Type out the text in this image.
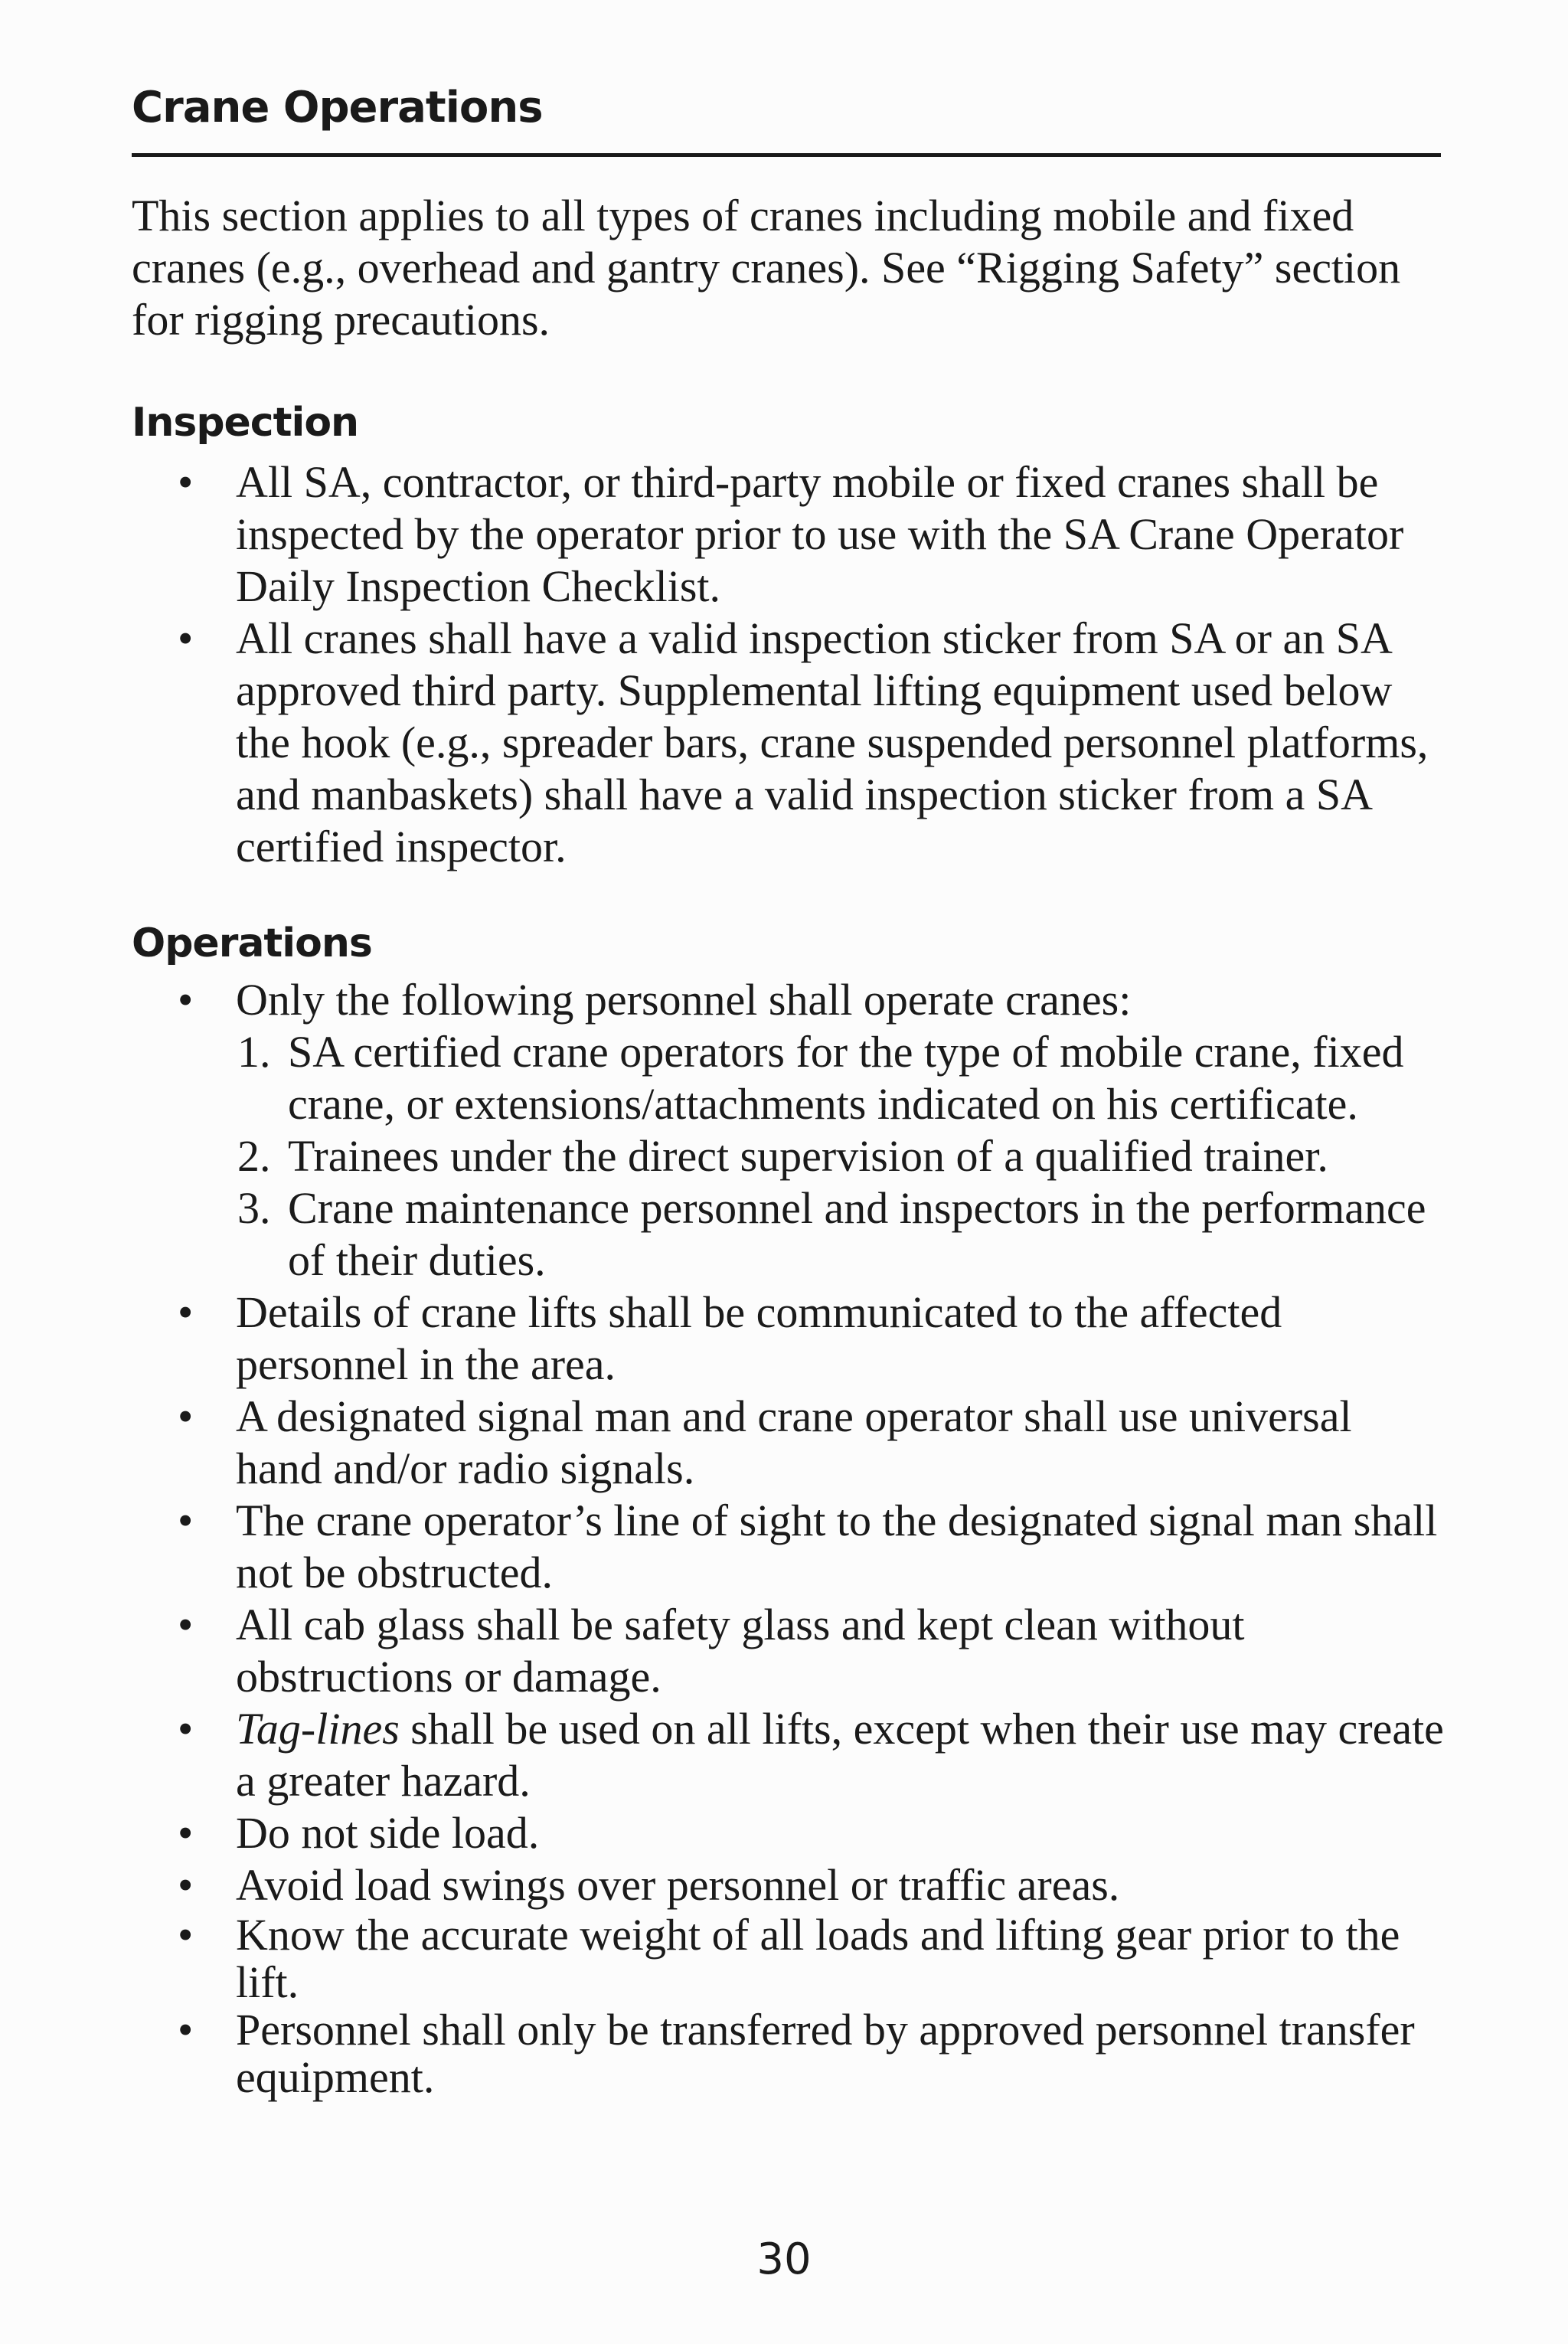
Crane Operations

This section applies to all types of cranes including mobile and fixed cranes (e.g., overhead and gantry cranes). See “Rigging Safety” section for rigging precautions.

Inspection
• All SA, contractor, or third-party mobile or fixed cranes shall be inspected by the operator prior to use with the SA Crane Operator Daily Inspection Checklist.
• All cranes shall have a valid inspection sticker from SA or an SA approved third party. Supplemental lifting equipment used below the hook (e.g., spreader bars, crane suspended personnel platforms, and manbaskets) shall have a valid inspection sticker from a SA certified inspector.
Operations
• Only the following personnel shall operate cranes:
1. SA certified crane operators for the type of mobile crane, fixed crane, or extensions/attachments indicated on his certificate.
2. Trainees under the direct supervision of a qualified trainer.
3. Crane maintenance personnel and inspectors in the performance of their duties.
• Details of crane lifts shall be communicated to the affected personnel in the area.
• A designated signal man and crane operator shall use universal hand and/or radio signals.
• The crane operator’s line of sight to the designated signal man shall not be obstructed.
• All cab glass shall be safety glass and kept clean without obstructions or damage.
• Tag-lines shall be used on all lifts, except when their use may create a greater hazard.
• Do not side load.
• Avoid load swings over personnel or traffic areas.
• Know the accurate weight of all loads and lifting gear prior to the lift.
• Personnel shall only be transferred by approved personnel transfer equipment.
30
